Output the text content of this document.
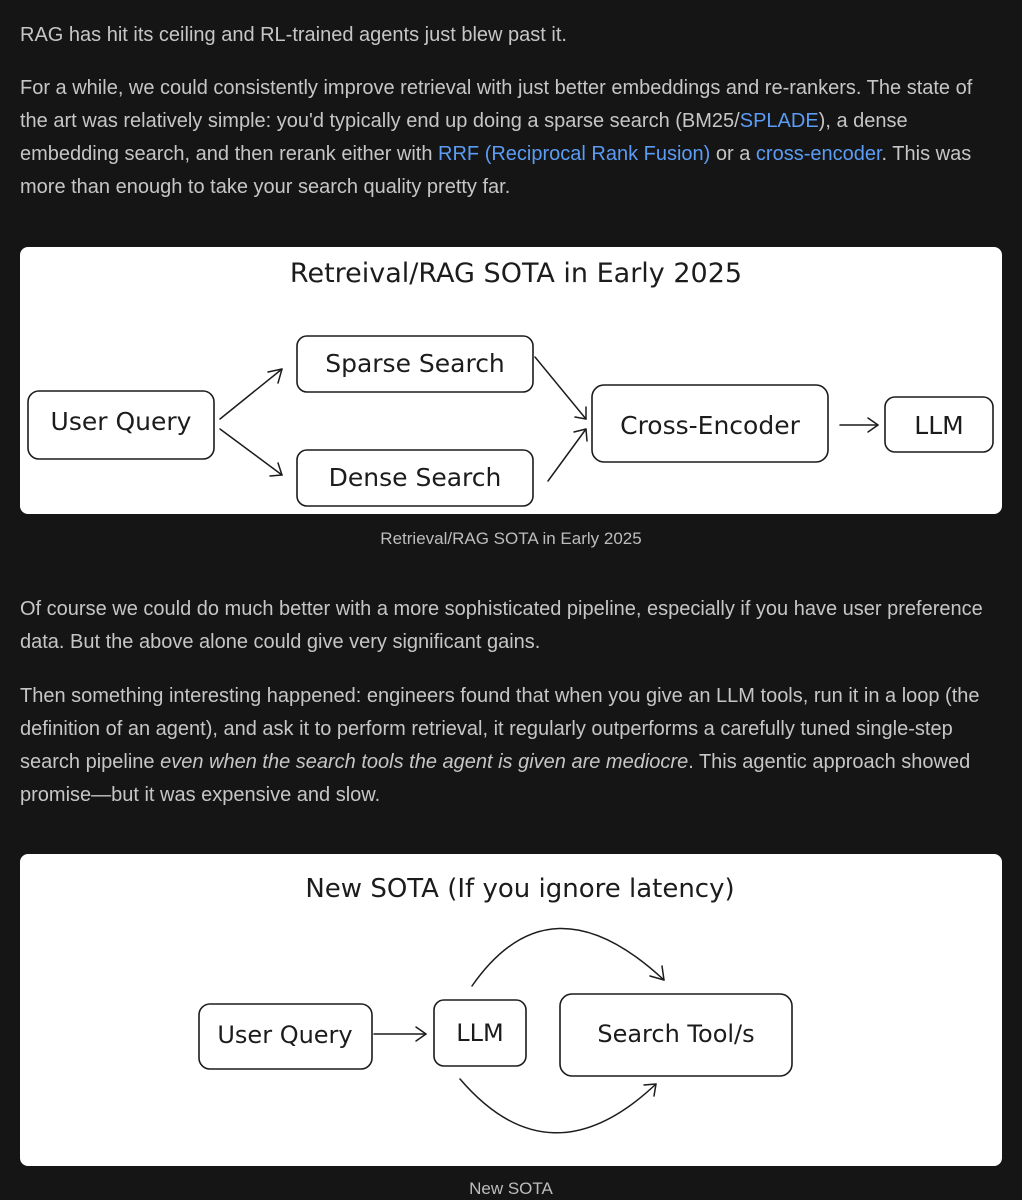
RAG has hit its ceiling and RL-trained agents just blew past it.

For a while, we could consistently improve retrieval with just better embeddings and re-rankers. The state of the art was relatively simple: you'd typically end up doing a sparse search (BM25/SPLADE), a dense embedding search, and then rerank either with RRF (Reciprocal Rank Fusion) or a cross-encoder. This was more than enough to take your search quality pretty far.

Retreival/RAG SOTA in Early 2025
User Query
Sparse Search
Dense Search
Cross-Encoder	LLM
Retrieval/RAG SOTA in Early 2025

Of course we could do much better with a more sophisticated pipeline, especially if you have user preference data. But the above alone could give very significant gains.

Then something interesting happened: engineers found that when you give an LLM tools, run it in a loop (the definition of an agent), and ask it to perform retrieval, it regularly outperforms a carefully tuned single-step search pipeline even when the search tools the agent is given are mediocre. This agentic approach showed promise—but it was expensive and slow.

New SOTA (If you ignore latency)
User Query	LLM	Search Tool/s
New SOTA
